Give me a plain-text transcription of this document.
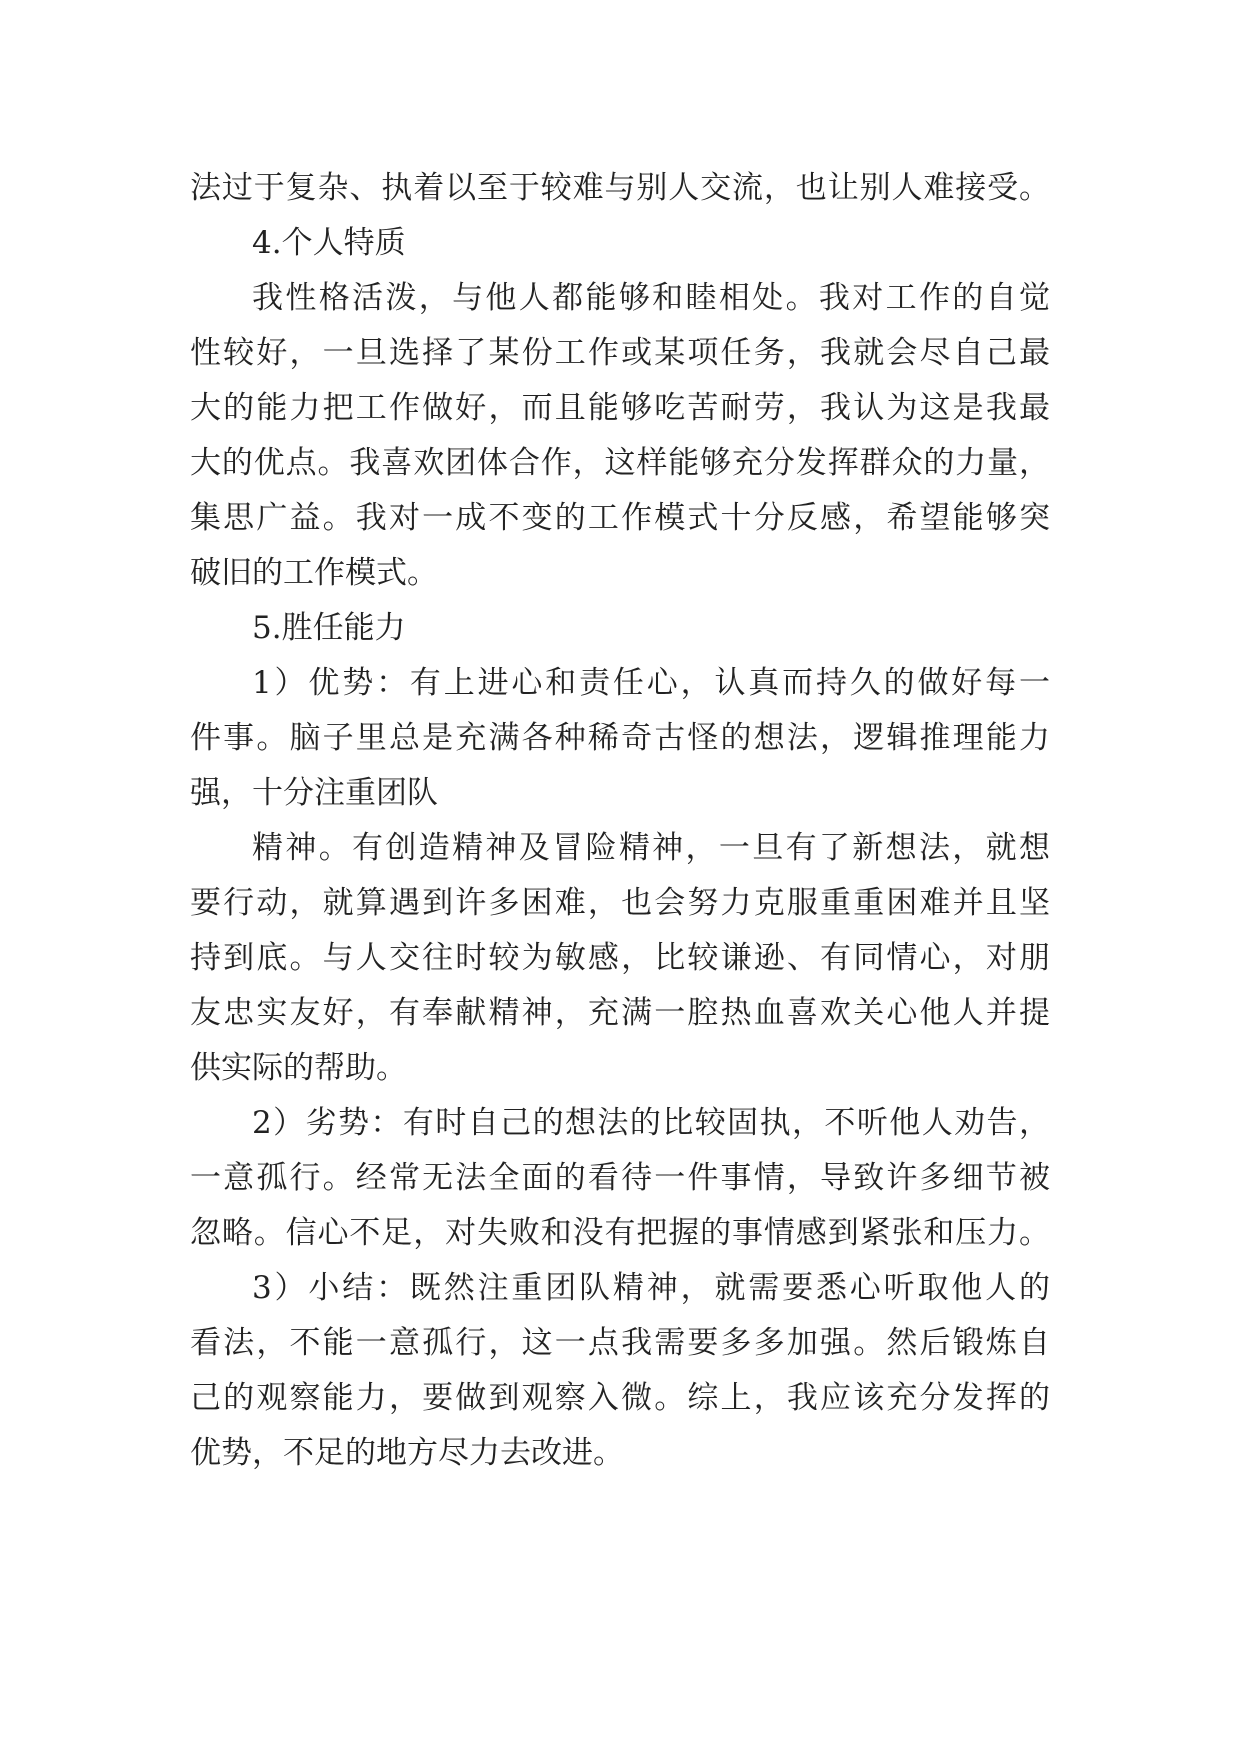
法过于复杂、执着以至于较难与别人交流，也让别人难接受。
4.个人特质
我性格活泼，与他人都能够和睦相处。我对工作的自觉
性较好，一旦选择了某份工作或某项任务，我就会尽自己最
大的能力把工作做好，而且能够吃苦耐劳，我认为这是我最
大的优点。我喜欢团体合作，这样能够充分发挥群众的力量，
集思广益。我对一成不变的工作模式十分反感，希望能够突
破旧的工作模式。
5.胜任能力
1）优势：有上进心和责任心，认真而持久的做好每一
件事。脑子里总是充满各种稀奇古怪的想法，逻辑推理能力
强，十分注重团队
精神。有创造精神及冒险精神，一旦有了新想法，就想
要行动，就算遇到许多困难，也会努力克服重重困难并且坚
持到底。与人交往时较为敏感，比较谦逊、有同情心，对朋
友忠实友好，有奉献精神，充满一腔热血喜欢关心他人并提
供实际的帮助。
2）劣势：有时自己的想法的比较固执，不听他人劝告，
一意孤行。经常无法全面的看待一件事情，导致许多细节被
忽略。信心不足，对失败和没有把握的事情感到紧张和压力。
3）小结：既然注重团队精神，就需要悉心听取他人的
看法，不能一意孤行，这一点我需要多多加强。然后锻炼自
己的观察能力，要做到观察入微。综上，我应该充分发挥的
优势，不足的地方尽力去改进。
